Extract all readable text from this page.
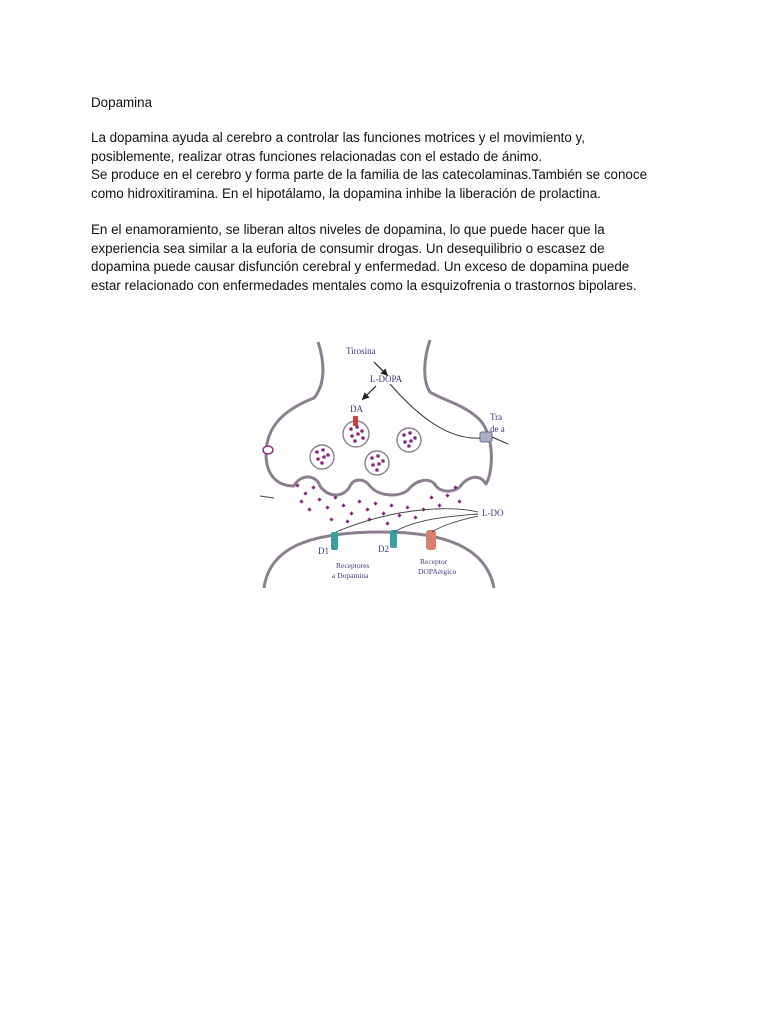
Dopamina
La dopamina ayuda al cerebro a controlar las funciones motrices y el movimiento y,
posiblemente, realizar otras funciones relacionadas con el estado de ánimo.
Se produce en el cerebro y forma parte de la familia de las catecolaminas.También se conoce
como hidroxitiramina. En el hipotálamo, la dopamina inhibe la liberación de prolactina.
En el enamoramiento, se liberan altos niveles de dopamina, lo que puede hacer que la
experiencia sea similar a la euforia de consumir drogas. Un desequilibrio o escasez de
dopamina puede causar disfunción cerebral y enfermedad. Un exceso de dopamina puede
estar relacionado con enfermedades mentales como la esquizofrenia o trastornos bipolares.
Tirosina
L-DOPA
DA
Tra
de a
L-DO
D1	D2
Receptores
a Dopamina
Receptor
DOPAérgico
